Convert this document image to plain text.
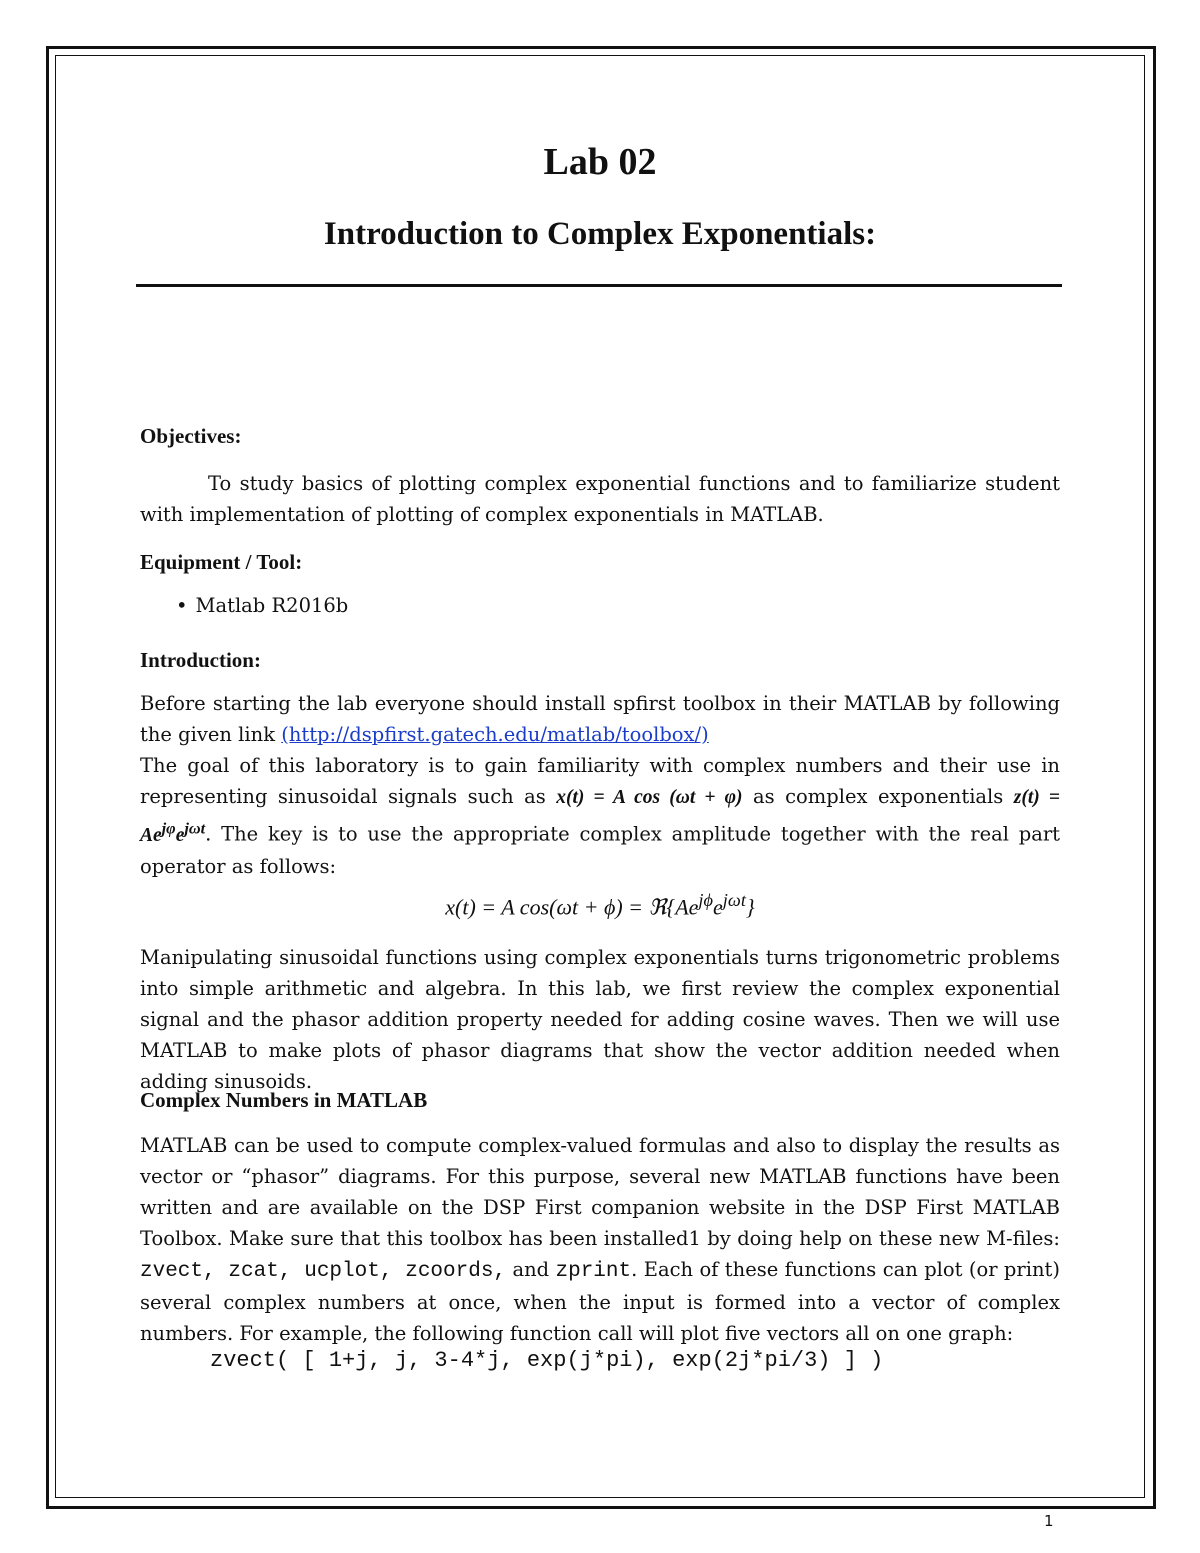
Lab 02
Introduction to Complex Exponentials:
Objectives:

To study basics of plotting complex exponential functions and to familiarize student with implementation of plotting of complex exponentials in MATLAB.

Equipment / Tool:
• Matlab R2016b
Introduction:

Before starting the lab everyone should install spfirst toolbox in their MATLAB by following the given link (http://dspfirst.gatech.edu/matlab/toolbox/)

The goal of this laboratory is to gain familiarity with complex numbers and their use in representing sinusoidal signals such as x(t) = A cos (ωt + φ) as complex exponentials $z(t) = Ae^{j\varphi}e^{j\omega t}$. The key is to use the appropriate complex amplitude together with the real part operator as follows:

x(t) = A $\cos(\omega t + \phi) = ℜ\{Ae^{j\phi}e^{j\omega t}\}$

Manipulating sinusoidal functions using complex exponentials turns trigonometric problems into simple arithmetic and algebra. In this lab, we first review the complex exponential signal and the phasor addition property needed for adding cosine waves. Then we will use MATLAB to make plots of phasor diagrams that show the vector addition needed when adding sinusoids.

Complex Numbers in MATLAB

MATLAB can be used to compute complex-valued formulas and also to display the results as vector or “phasor” diagrams. For this purpose, several new MATLAB functions have been written and are available on the DSP First companion website in the DSP First MATLAB Toolbox. Make sure that this toolbox has been installed1 by doing help on these new M-files: zvect, zcat, ucplot, zcoords, and zprint. Each of these functions can plot (or print) several complex numbers at once, when the input is formed into a vector of complex numbers. For example, the following function call will plot five vectors all on one graph:

zvect( [ 1+j, j, 3-4*j, exp(j*pi), exp(2j*pi/3) ] )
1
